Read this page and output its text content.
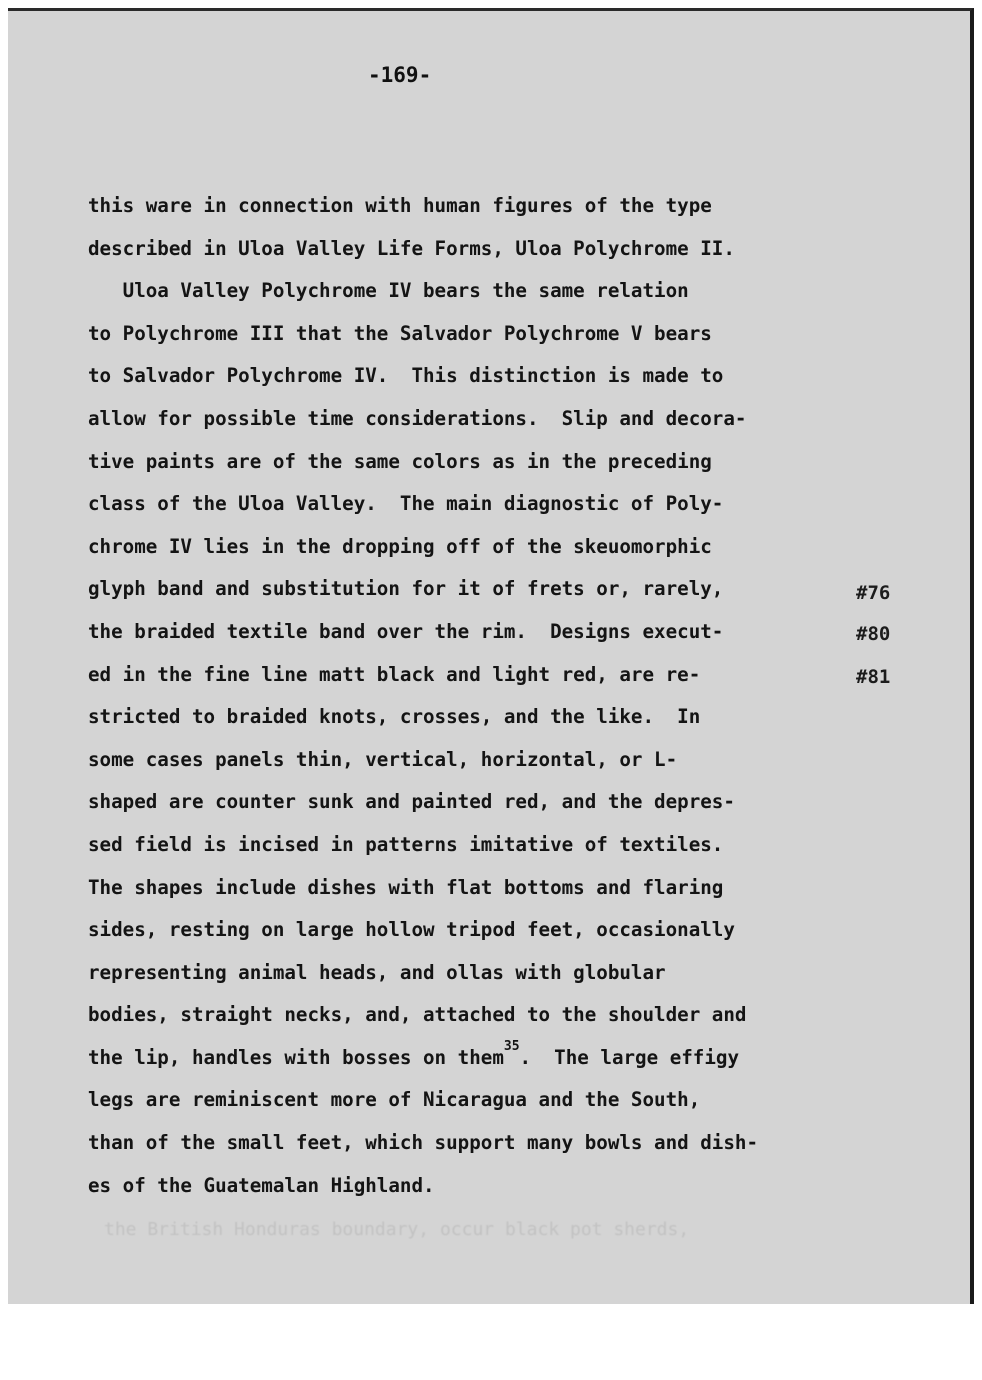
the British Honduras boundary, occur black pot sherds,
-169-
this ware in connection with human figures of the type
described in Uloa Valley Life Forms, Uloa Polychrome II.
Uloa Valley Polychrome IV bears the same relation
to Polychrome III that the Salvador Polychrome V bears
to Salvador Polychrome IV.  This distinction is made to
allow for possible time considerations.  Slip and decora-
tive paints are of the same colors as in the preceding
class of the Uloa Valley.  The main diagnostic of Poly-
chrome IV lies in the dropping off of the skeuomorphic
glyph band and substitution for it of frets or, rarely,
the braided textile band over the rim.  Designs execut-
ed in the fine line matt black and light red, are re-
stricted to braided knots, crosses, and the like.  In
some cases panels thin, vertical, horizontal, or L-
shaped are counter sunk and painted red, and the depres-
sed field is incised in patterns imitative of textiles.
The shapes include dishes with flat bottoms and flaring
sides, resting on large hollow tripod feet, occasionally
representing animal heads, and ollas with globular
bodies, straight necks, and, attached to the shoulder and
the lip, handles with bosses on them$^{35}$.  The large effigy
legs are reminiscent more of Nicaragua and the South,
than of the small feet, which support many bowls and dish-
es of the Guatemalan Highland.
#76
#80
#81
